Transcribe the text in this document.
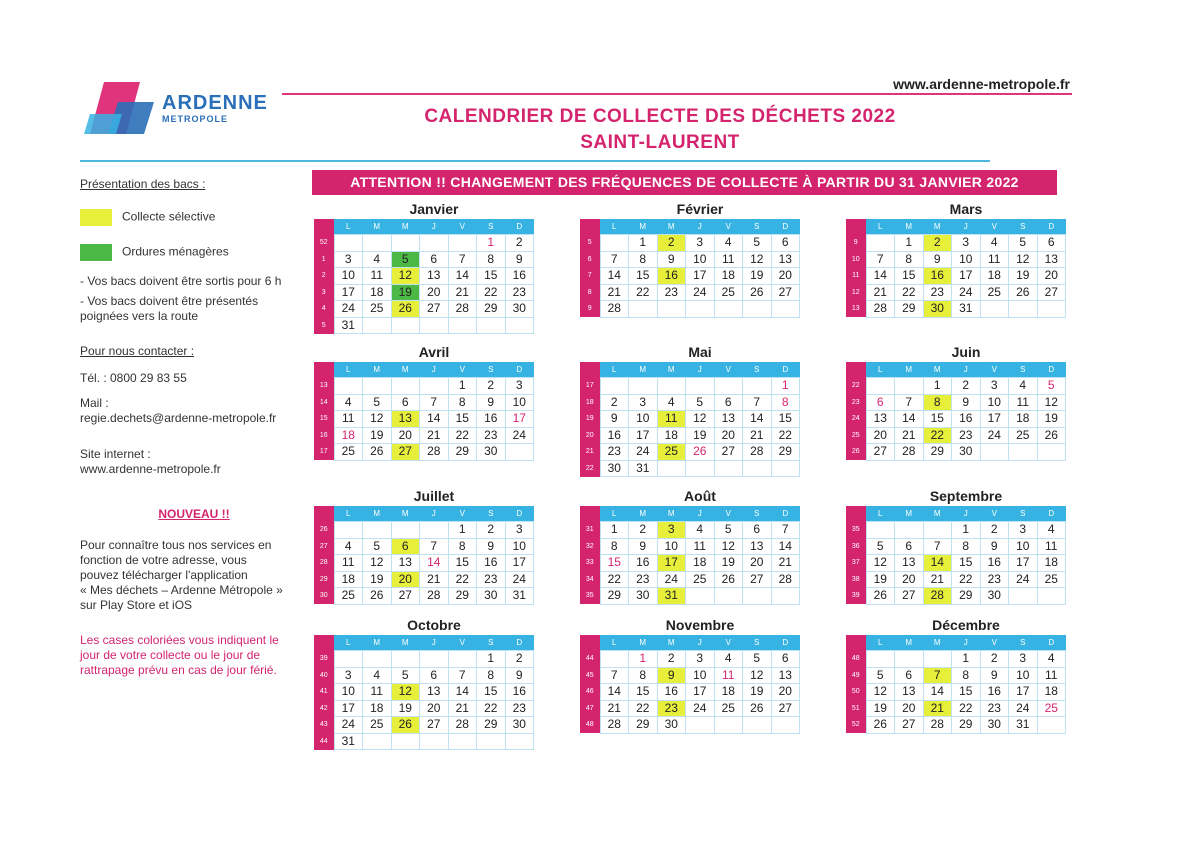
ARDENNE
METROPOLE
www.ardenne-metropole.fr
CALENDRIER DE COLLECTE DES DÉCHETS 2022
SAINT-LAURENT
ATTENTION !! CHANGEMENT DES FRÉQUENCES DE COLLECTE À PARTIR DU 31 JANVIER 2022
Présentation des bacs :
Collecte sélective
Ordures ménagères
- Vos bacs doivent être sortis pour 6 h
- Vos bacs doivent être présentés
poignées vers la route
Pour nous contacter :
Tél. : 0800 29 83 55
Mail :
regie.dechets@ardenne-metropole.fr
Site internet :
www.ardenne-metropole.fr
NOUVEAU !!
Pour connaître tous nos services en
fonction de votre adresse, vous
pouvez télécharger l'application
« Mes déchets – Ardenne Métropole »
sur Play Store et iOS
Les cases coloriées vous indiquent le
jour de votre collecte ou le jour de
rattrapage prévu en cas de jour férié.
Janvier
	L	M	M	J	V	S	D
52						1	2
1	3	4	5	6	7	8	9
2	10	11	12	13	14	15	16
3	17	18	19	20	21	22	23
4	24	25	26	27	28	29	30
5	31						
Février
	L	M	M	J	V	S	D
5		1	2	3	4	5	6
6	7	8	9	10	11	12	13
7	14	15	16	17	18	19	20
8	21	22	23	24	25	26	27
9	28						
Mars
	L	M	M	J	V	S	D
9		1	2	3	4	5	6
10	7	8	9	10	11	12	13
11	14	15	16	17	18	19	20
12	21	22	23	24	25	26	27
13	28	29	30	31			
Avril
	L	M	M	J	V	S	D
13					1	2	3
14	4	5	6	7	8	9	10
15	11	12	13	14	15	16	17
16	18	19	20	21	22	23	24
17	25	26	27	28	29	30	
Mai
	L	M	M	J	V	S	D
17							1
18	2	3	4	5	6	7	8
19	9	10	11	12	13	14	15
20	16	17	18	19	20	21	22
21	23	24	25	26	27	28	29
22	30	31					
Juin
	L	M	M	J	V	S	D
22			1	2	3	4	5
23	6	7	8	9	10	11	12
24	13	14	15	16	17	18	19
25	20	21	22	23	24	25	26
26	27	28	29	30			
Juillet
	L	M	M	J	V	S	D
26					1	2	3
27	4	5	6	7	8	9	10
28	11	12	13	14	15	16	17
29	18	19	20	21	22	23	24
30	25	26	27	28	29	30	31
Août
	L	M	M	J	V	S	D
31	1	2	3	4	5	6	7
32	8	9	10	11	12	13	14
33	15	16	17	18	19	20	21
34	22	23	24	25	26	27	28
35	29	30	31				
Septembre
	L	M	M	J	V	S	D
35				1	2	3	4
36	5	6	7	8	9	10	11
37	12	13	14	15	16	17	18
38	19	20	21	22	23	24	25
39	26	27	28	29	30		
Octobre
	L	M	M	J	V	S	D
39						1	2
40	3	4	5	6	7	8	9
41	10	11	12	13	14	15	16
42	17	18	19	20	21	22	23
43	24	25	26	27	28	29	30
44	31						
Novembre
	L	M	M	J	V	S	D
44		1	2	3	4	5	6
45	7	8	9	10	11	12	13
46	14	15	16	17	18	19	20
47	21	22	23	24	25	26	27
48	28	29	30				
Décembre
	L	M	M	J	V	S	D
48				1	2	3	4
49	5	6	7	8	9	10	11
50	12	13	14	15	16	17	18
51	19	20	21	22	23	24	25
52	26	27	28	29	30	31	
